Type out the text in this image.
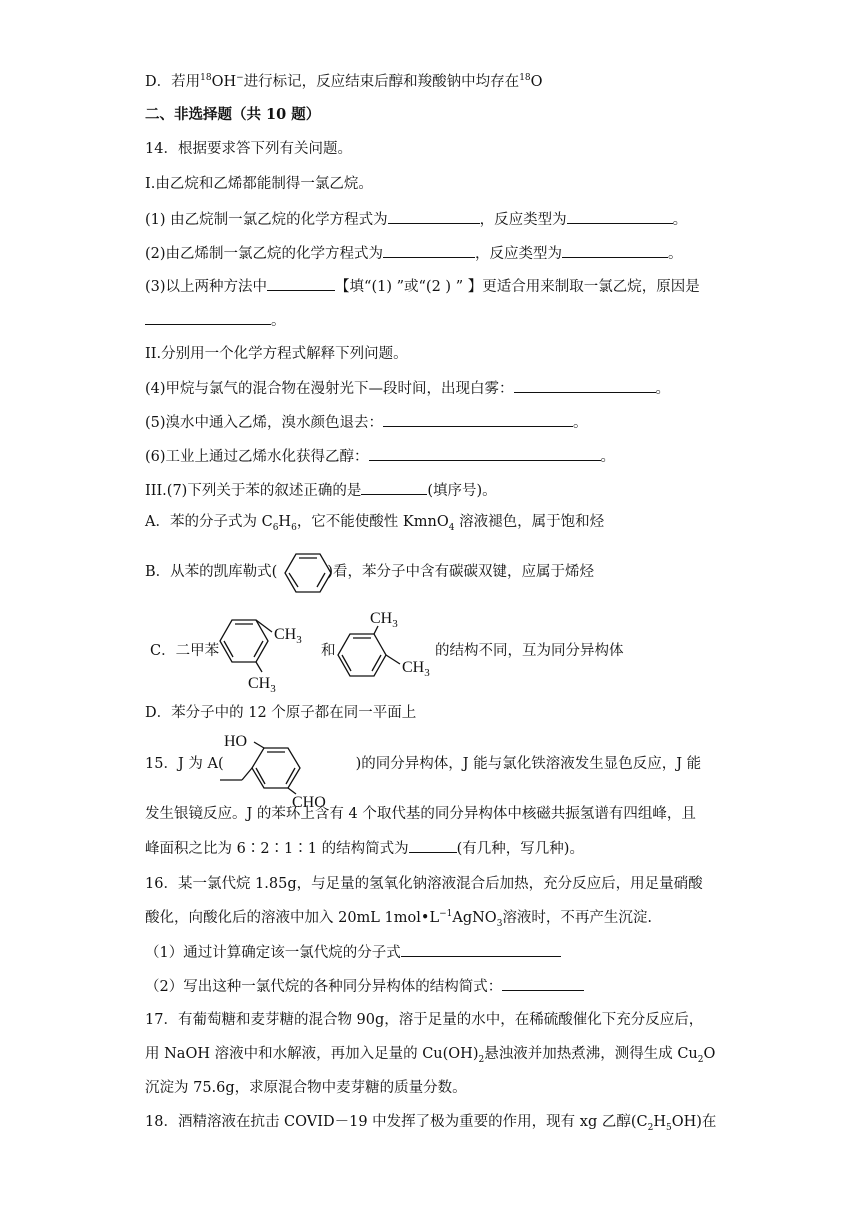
D．若用$^{18}$OH−进行标记，反应结束后醇和羧酸钠中均存在$^{18}$O
二、非选择题（共 10 题）
14．根据要求答下列有关问题。
I.由乙烷和乙烯都能制得一氯乙烷。
(1) 由乙烷制一氯乙烷的化学方程式为	，反应类型为	。
(2)由乙烯制一氯乙烷的化学方程式为	，反应类型为	。
(3)以上两种方法中	【填“(1) ”或“(2 ) ” 】更适合用来制取一氯乙烷，原因是
。
II.分别用一个化学方程式解释下列问题。
(4)甲烷与氯气的混合物在漫射光下—段时间，出现白雾：	。
(5)溴水中通入乙烯，溴水颜色退去：	。
(6)工业上通过乙烯水化获得乙醇：	。
III.(7)下列关于苯的叙述正确的是	(填序号)。
A．苯的分子式为 $C_6H_6$，它不能使酸性 KmnO$_4$ 溶液褪色，属于饱和烃
B．从苯的凯库勒式(	)看，苯分子中含有碳碳双键，应属于烯烃
$CH_3$
$CH_3$
$CH_3$
$CH_3$
C．二甲苯	和	的结构不同，互为同分异构体
D．苯分子中的 12 个原子都在同一平面上
HO
CHO
15．J 为 A(	)的同分异构体，J 能与氯化铁溶液发生显色反应，J 能
发生银镜反应。J 的苯环上含有 4 个取代基的同分异构体中核磁共振氢谱有四组峰，且
峰面积之比为 6∶2∶1∶1 的结构简式为	(有几种，写几种)。
16．某一氯代烷 1.85g，与足量的氢氧化钠溶液混合后加热，充分反应后，用足量硝酸
酸化，向酸化后的溶液中加入 20mL $1mol•L^{-1}AgNO_3$溶液时，不再产生沉淀.
（1）通过计算确定该一氯代烷的分子式
（2）写出这种一氯代烷的各种同分异构体的结构简式：
17．有葡萄糖和麦芽糖的混合物 90g，溶于足量的水中，在稀硫酸催化下充分反应后，
用 NaOH 溶液中和水解液，再加入足量的 $Cu(OH)_2$悬浊液并加热煮沸，测得生成 $Cu_2O$
沉淀为 75.6g，求原混合物中麦芽糖的质量分数。
18．酒精溶液在抗击 COVID－19 中发挥了极为重要的作用，现有 xg 乙醇$(C_2H_5OH)$在
